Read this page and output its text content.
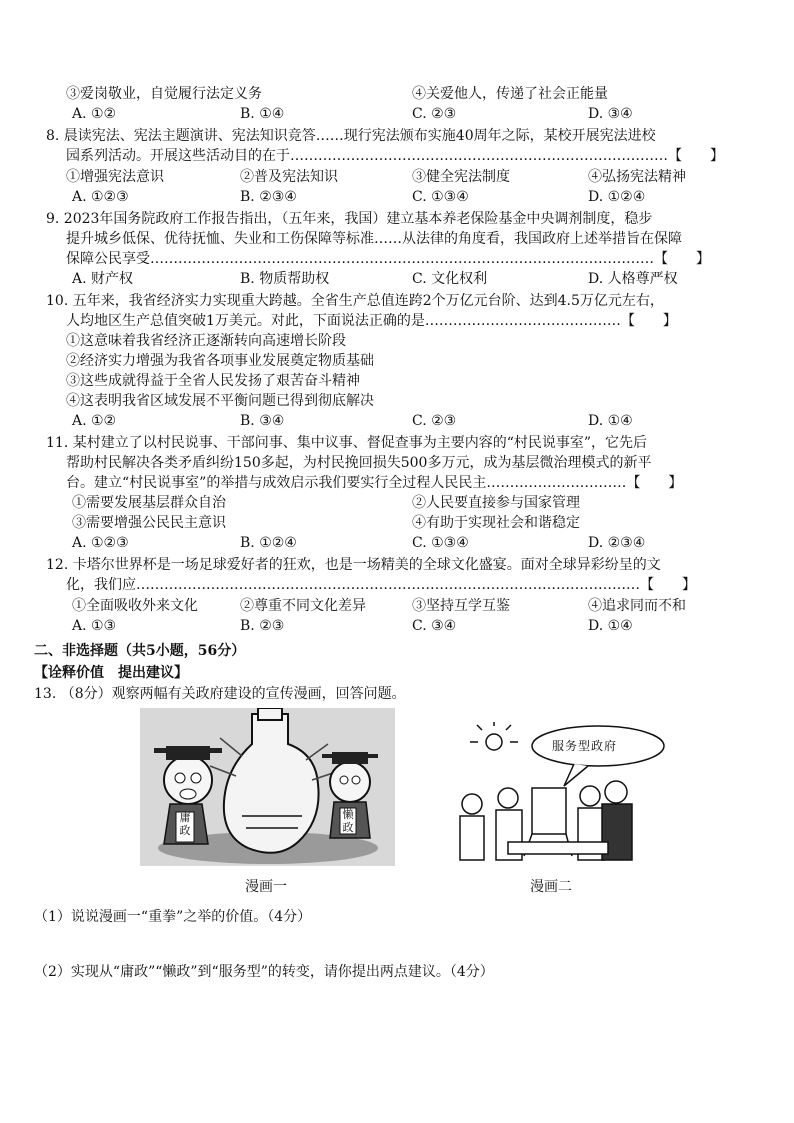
③爱岗敬业，自觉履行法定义务	④关爱他人，传递了社会正能量
A. ①②	B. ①④	C. ②③	D. ③④
8. 晨读宪法、宪法主题演讲、宪法知识竞答……现行宪法颁布实施40周年之际，某校开展宪法进校
园系列活动。开展这些活动目的在于………………………………………………………………………【　　】
①增强宪法意识	②普及宪法知识	③健全宪法制度	④弘扬宪法精神
A. ①②③	B. ②③④	C. ①③④	D. ①②④
9. 2023年国务院政府工作报告指出，（五年来，我国）建立基本养老保险基金中央调剂制度，稳步
提升城乡低保、优待抚恤、失业和工伤保障等标准……从法律的角度看，我国政府上述举措旨在保障
保障公民享受………………………………………………………………………………………………【　　】
A. 财产权	B. 物质帮助权	C. 文化权利	D. 人格尊严权
10. 五年来，我省经济实力实现重大跨越。全省生产总值连跨2个万亿元台阶、达到4.5万亿元左右，
人均地区生产总值突破1万美元。对此，下面说法正确的是……………………………………【　　】
①这意味着我省经济正逐渐转向高速增长阶段
②经济实力增强为我省各项事业发展奠定物质基础
③这些成就得益于全省人民发扬了艰苦奋斗精神
④这表明我省区域发展不平衡问题已得到彻底解决
A. ①②	B. ③④	C. ②③	D. ①④
11. 某村建立了以村民说事、干部问事、集中议事、督促查事为主要内容的“村民说事室”，它先后
帮助村民解决各类矛盾纠纷150多起，为村民挽回损失500多万元，成为基层微治理模式的新平
台。建立“村民说事室”的举措与成效启示我们要实行全过程人民民主…………………………【　　】
①需要发展基层群众自治	②人民要直接参与国家管理
③需要增强公民民主意识	④有助于实现社会和谐稳定
A. ①②③	B. ①②④	C. ①③④	D. ②③④
12. 卡塔尔世界杯是一场足球爱好者的狂欢，也是一场精美的全球文化盛宴。面对全球异彩纷呈的文
化，我们应………………………………………………………………………………………………【　　】
①全面吸收外来文化	②尊重不同文化差异	③坚持互学互鉴	④追求同而不和
A. ①③	B. ②③	C. ③④	D. ①④
二、非选择题（共5小题，56分）
【诠释价值　提出建议】
13. （8分）观察两幅有关政府建设的宣传漫画，回答问题。
庸政
懒政
漫画一
服务型政府
漫画二
（1）说说漫画一“重拳”之举的价值。（4分）
（2）实现从“庸政”“懒政”到“服务型”的转变，请你提出两点建议。（4分）
